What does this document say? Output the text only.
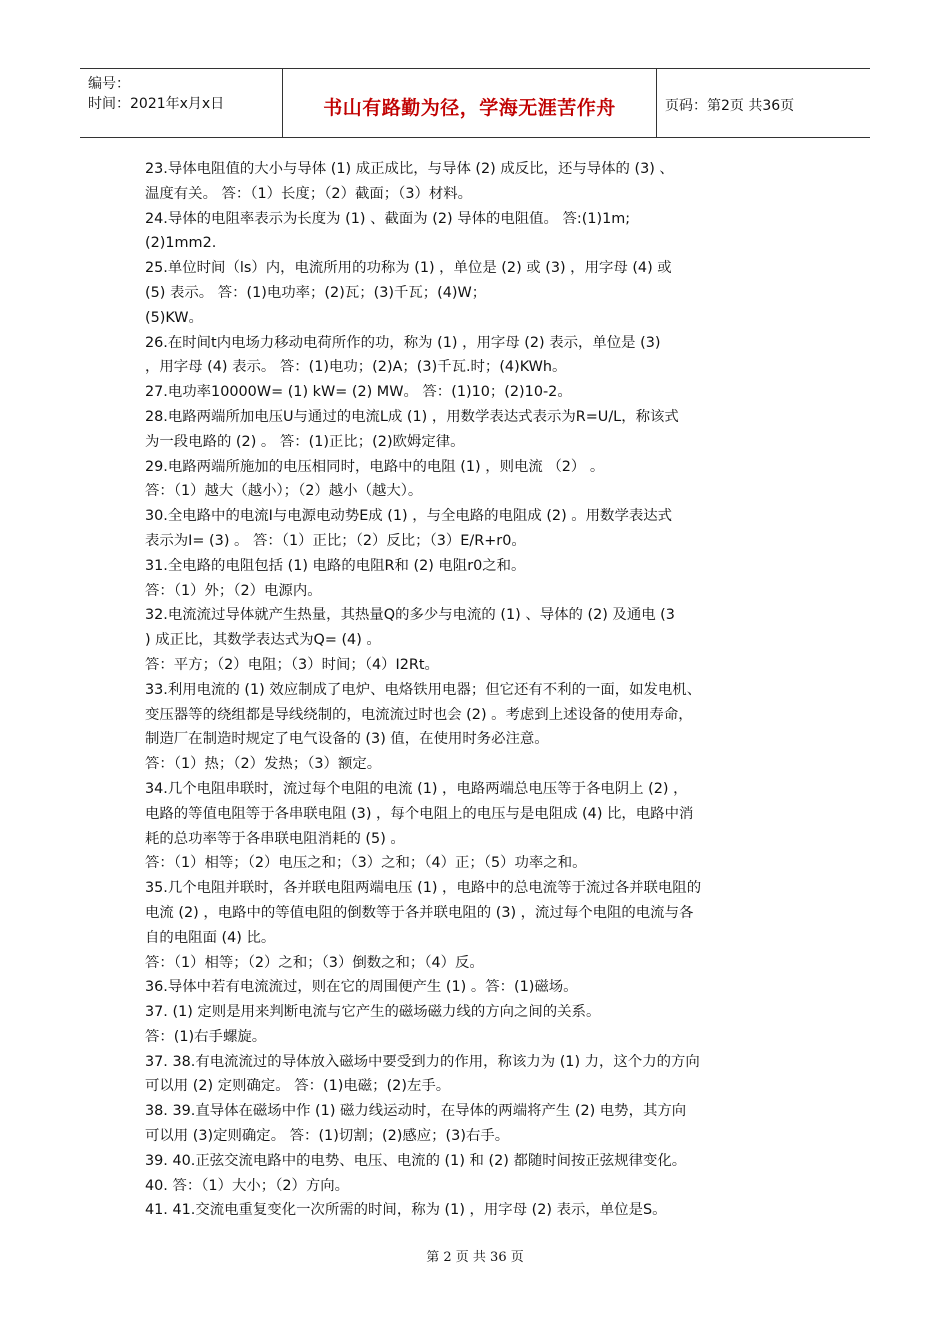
编号：
时间：2021年x月x日	书山有路勤为径，学海无涯苦作舟	页码：第2页 共36页
23.导体电阻值的大小与导体 (1) 成正成比，与导体 (2) 成反比，还与导体的 (3) 、
温度有关。 答：（1）长度；（2）截面；（3）材料。
24.导体的电阻率表示为长度为 (1) 、截面为 (2) 导体的电阻值。 答:(1)1m;
(2)1mm2.
25.单位时间（ls）内，电流所用的功称为 (1) ，单位是 (2) 或 (3) ，用字母 (4) 或
(5) 表示。 答：(1)电功率；(2)瓦；(3)千瓦；(4)W；
(5)KW。
26.在时间t内电场力移动电荷所作的功，称为 (1) ，用字母 (2) 表示，单位是 (3)
，用字母 (4) 表示。 答：(1)电功；(2)A；(3)千瓦.时；(4)KWh。
27.电功率10000W= (1) kW= (2) MW。 答：(1)10；(2)10-2。
28.电路两端所加电压U与通过的电流L成 (1) ，用数学表达式表示为R=U/L，称该式
为一段电路的 (2) 。 答：(1)正比；(2)欧姆定律。
29.电路两端所施加的电压相同时，电路中的电阻 (1) ，则电流 （2） 。
答：（1）越大（越小）；（2）越小（越大）。
30.全电路中的电流I与电源电动势E成 (1) ，与全电路的电阻成 (2) 。用数学表达式
表示为I= (3) 。 答：（1）正比；（2）反比；（3）E/R+r0。
31.全电路的电阻包括 (1) 电路的电阻R和 (2) 电阻r0之和。
答：（1）外；（2）电源内。
32.电流流过导体就产生热量，其热量Q的多少与电流的 (1) 、导体的 (2) 及通电 (3
) 成正比，其数学表达式为Q= (4) 。
答：平方；（2）电阻；（3）时间；（4）I2Rt。
33.利用电流的 (1) 效应制成了电炉、电烙铁用电器；但它还有不利的一面，如发电机、
变压器等的绕组都是导线绕制的，电流流过时也会 (2) 。考虑到上述设备的使用寿命，
制造厂在制造时规定了电气设备的 (3) 值，在使用时务必注意。
答：（1）热；（2）发热；（3）额定。
34.几个电阻串联时，流过每个电阻的电流 (1) ，电路两端总电压等于各电阴上 (2) ，
电路的等值电阻等于各串联电阻 (3) ，每个电阻上的电压与是电阻成 (4) 比，电路中消
耗的总功率等于各串联电阻消耗的 (5) 。
答：（1）相等；（2）电压之和；（3）之和；（4）正；（5）功率之和。
35.几个电阻并联时，各并联电阻两端电压 (1) ，电路中的总电流等于流过各并联电阻的
电流 (2) ，电路中的等值电阻的倒数等于各并联电阻的 (3) ，流过每个电阻的电流与各
自的电阻面 (4) 比。
答：（1）相等；（2）之和；（3）倒数之和；（4）反。
36.导体中若有电流流过，则在它的周围便产生 (1) 。答：(1)磁场。
37. (1) 定则是用来判断电流与它产生的磁场磁力线的方向之间的关系。
答：(1)右手螺旋。
37. 38.有电流流过的导体放入磁场中要受到力的作用，称该力为 (1) 力，这个力的方向
可以用 (2) 定则确定。 答：(1)电磁；(2)左手。
38. 39.直导体在磁场中作 (1) 磁力线运动时，在导体的两端将产生 (2) 电势，其方向
可以用 (3)定则确定。 答：(1)切割；(2)感应；(3)右手。
39. 40.正弦交流电路中的电势、电压、电流的 (1) 和 (2) 都随时间按正弦规律变化。
40. 答：（1）大小；（2）方向。
41. 41.交流电重复变化一次所需的时间，称为 (1) ，用字母 (2) 表示，单位是S。
第 2 页 共 36 页
